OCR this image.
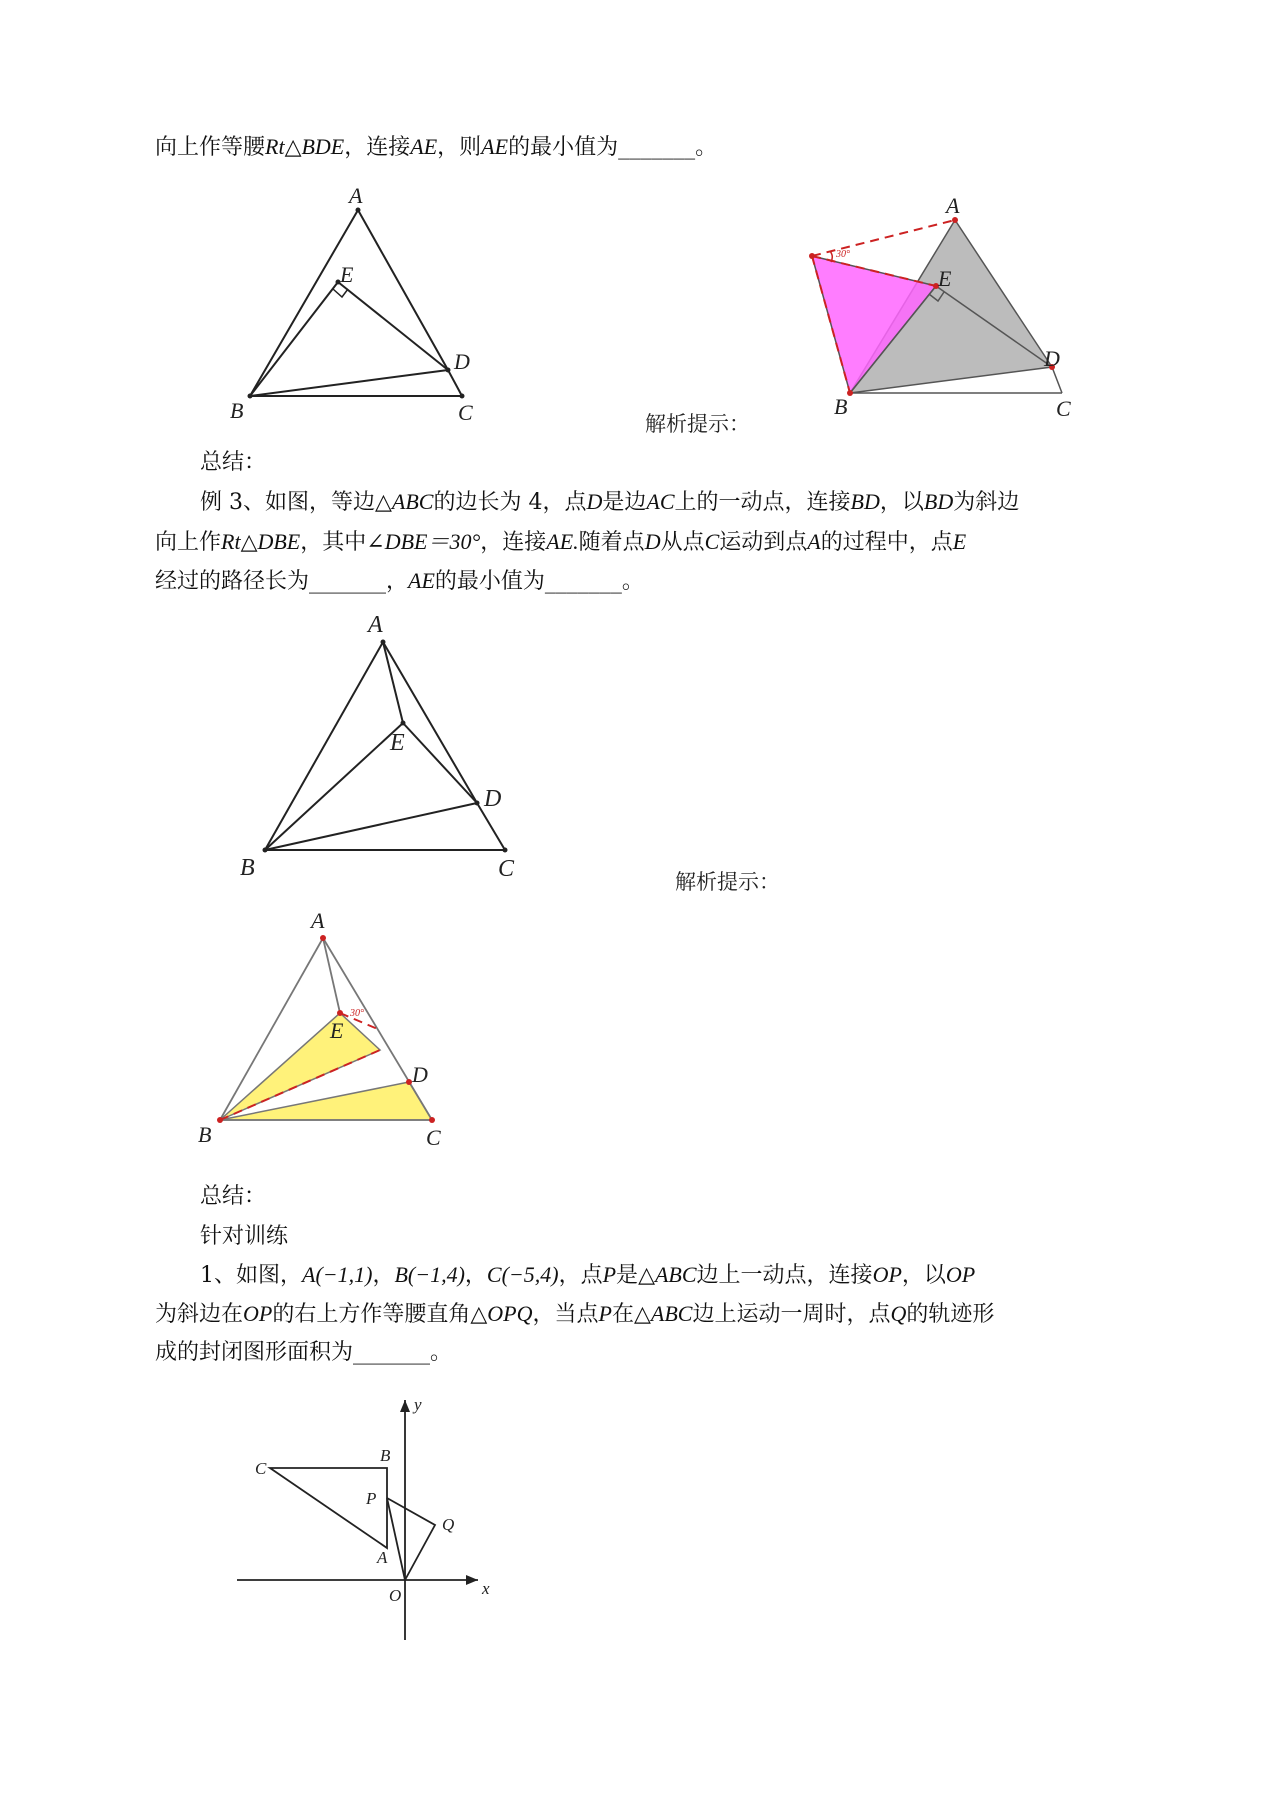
向上作等腰Rt△BDE，连接AE，则AE的最小值为_______。
A
B	C
D
E
解析提示：
30°
A
B	C
D
E
总结：
例 3、如图，等边△ABC的边长为 4，点D是边AC上的一动点，连接BD，以BD为斜边
向上作Rt△DBE，其中∠DBE＝30°，连接AE.随着点D从点C运动到点A的过程中，点E
经过的路径长为_______，AE的最小值为_______。
A
B	C
D
E
解析提示：
30°
A
B	C
D
E
总结：
针对训练
1、如图，A(−1,1)，B(−1,4)，C(−5,4)，点P是△ABC边上一动点，连接OP，以OP
为斜边在OP的右上方作等腰直角△OPQ，当点P在△ABC边上运动一周时，点Q的轨迹形
成的封闭图形面积为_______。
A
B
C
P
Q
O	x
y
